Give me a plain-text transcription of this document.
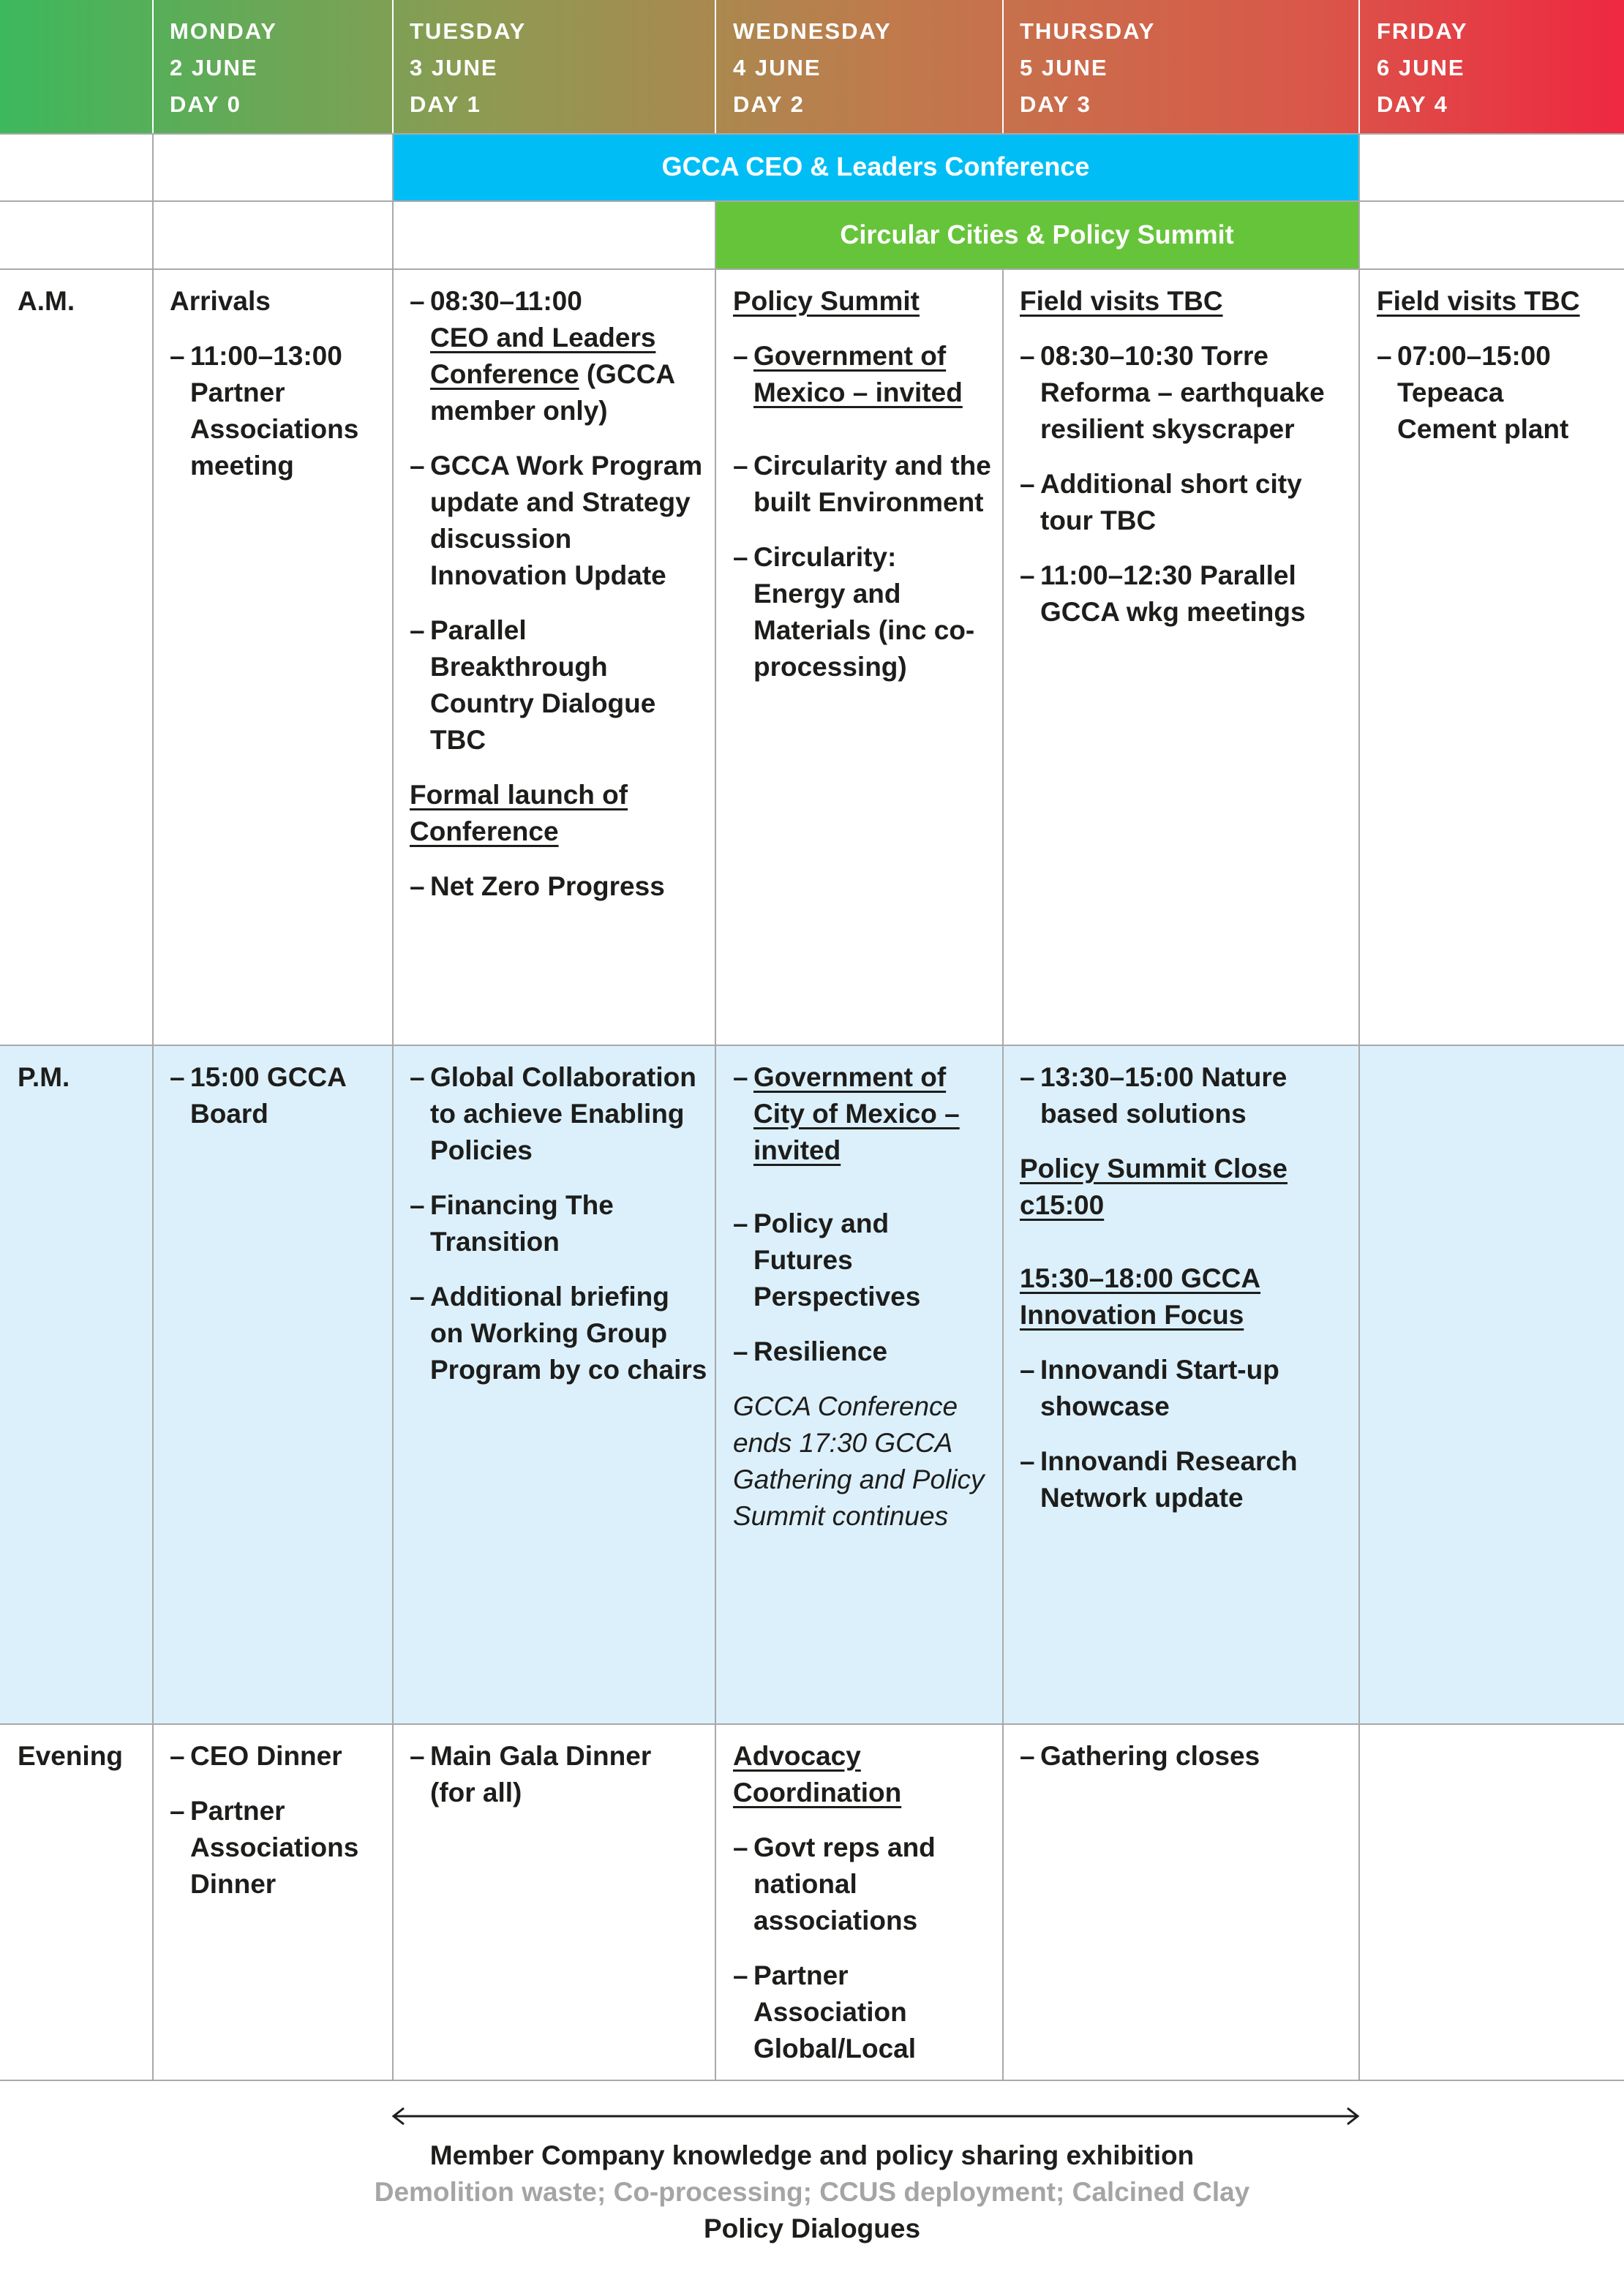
MONDAY
2 JUNE
DAY 0
TUESDAY
3 JUNE
DAY 1
WEDNESDAY
4 JUNE
DAY 2
THURSDAY
5 JUNE
DAY 3
FRIDAY
6 JUNE
DAY 4
GCCA CEO & Leaders Conference
Circular Cities & Policy Summit
A.M.
P.M.
Evening
Arrivals
– 11:00–13:00 Partner Associations meeting
– 08:30–11:00
CEO and Leaders Conference (GCCA member only)
– GCCA Work Program update and Strategy discussion Innovation Update
– Parallel Breakthrough Country Dialogue TBC
Formal launch of Conference
– Net Zero Progress
Policy Summit
– Government of Mexico – invited
– Circularity and the built Environment
– Circularity: Energy and Materials (inc co-processing)
Field visits TBC
– 08:30–10:30 Torre Reforma – earthquake resilient skyscraper
– Additional short city tour TBC
– 11:00–12:30 Parallel GCCA wkg meetings
Field visits TBC
– 07:00–15:00 Tepeaca Cement plant
– 15:00 GCCA Board
– Global Collaboration to achieve Enabling Policies
– Financing The Transition
– Additional briefing on Working Group Program by co chairs
– Government of City of Mexico – invited
– Policy and Futures Perspectives
– Resilience
GCCA Conference ends 17:30 GCCA Gathering and Policy Summit continues
– 13:30–15:00 Nature based solutions
Policy Summit Close c15:00
15:30–18:00 GCCA Innovation Focus
– Innovandi Start-up showcase
– Innovandi Research Network update
– CEO Dinner
– Partner Associations Dinner
– Main Gala Dinner (for all)
Advocacy Coordination
– Govt reps and national associations
– Partner Association Global/Local
– Gathering closes
Member Company knowledge and policy sharing exhibition
Demolition waste; Co-processing; CCUS deployment; Calcined Clay
Policy Dialogues
